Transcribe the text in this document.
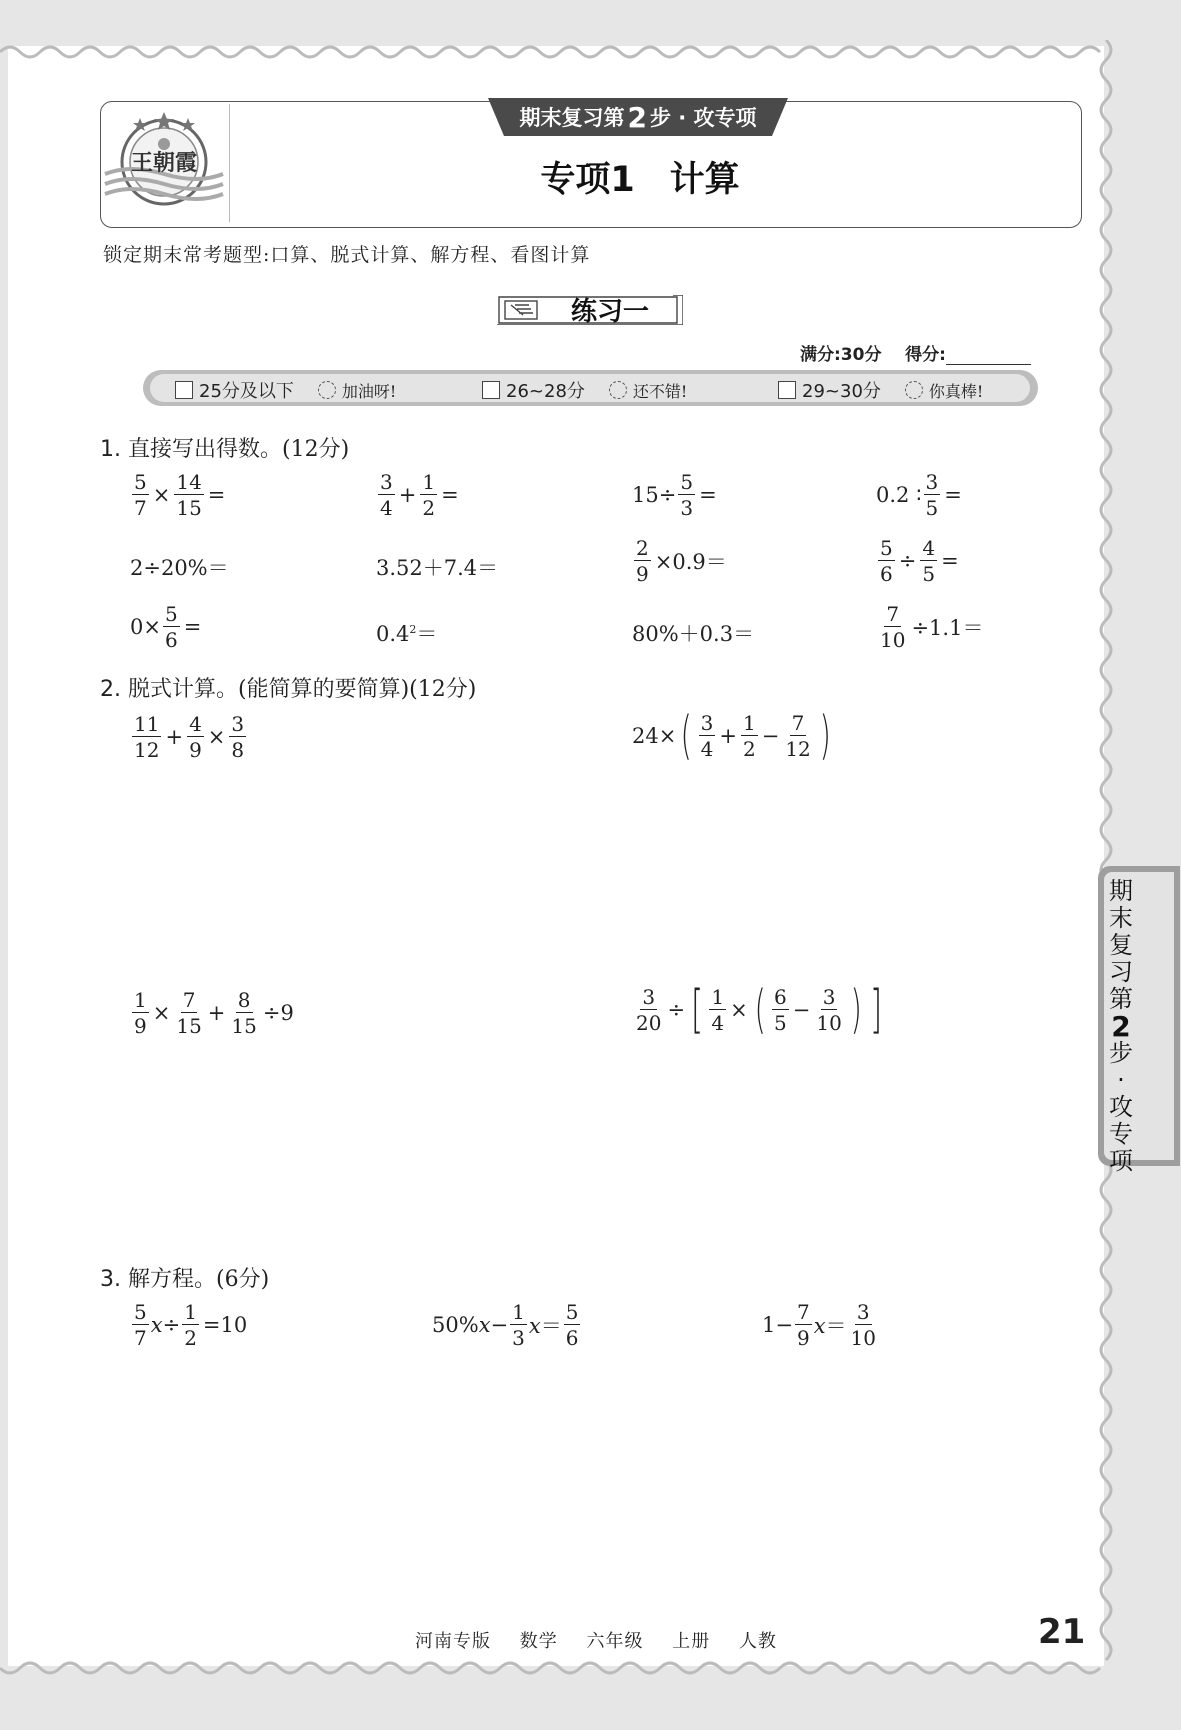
王朝霞
期末复习第 2 步 · 攻专项
专项1　计算
锁定期末常考题型:口算、脱式计算、解方程、看图计算
练习一
满分:30分 得分:
25分及以下	加油呀!	26~28分	还不错!	29~30分	你真棒!
1. 直接写出得数。(12分)
$\frac{5}{7} \times \frac{14}{15}$ =	$\frac{3}{4} + \frac{1}{2}$ =	$15\div \frac{5}{3}$ =	0.2 ∶ $\frac{3}{5}$ =
2÷20%＝	3.52＋7.4＝	$\frac{2}{9} \times 0.9=$	$\frac{5}{6} \div \frac{4}{5}$ =
$0\times \frac{5}{6}$ =	$0.4^2=$	80%＋0.3＝	$\frac{7}{10} \div 1.1=$
2. 脱式计算。(能简算的要简算)(12分)
$\frac{11}{12} + \frac{4}{9} \times \frac{3}{8}$	24× ( $\frac{3}{4} + \frac{1}{2} - \frac{7}{12}$ )
$\frac{1}{9} \times \frac{7}{15} + \frac{8}{15} \div 9$	$\frac{3}{20}$ ÷ [ $\frac{1}{4}$ × ( $\frac{6}{5} - \frac{3}{10}$ ) ]
3. 解方程。(6分)
$\frac{5}{7} x\div \frac{1}{2} =10$	$50\%x- \frac{1}{3} x= \frac{5}{6}$	$1- \frac{7}{9} x= \frac{3}{10}$
期
末
复
习
第
2
步
·
攻
专
项
河南专版 数学 六年级 上册 人教	21
